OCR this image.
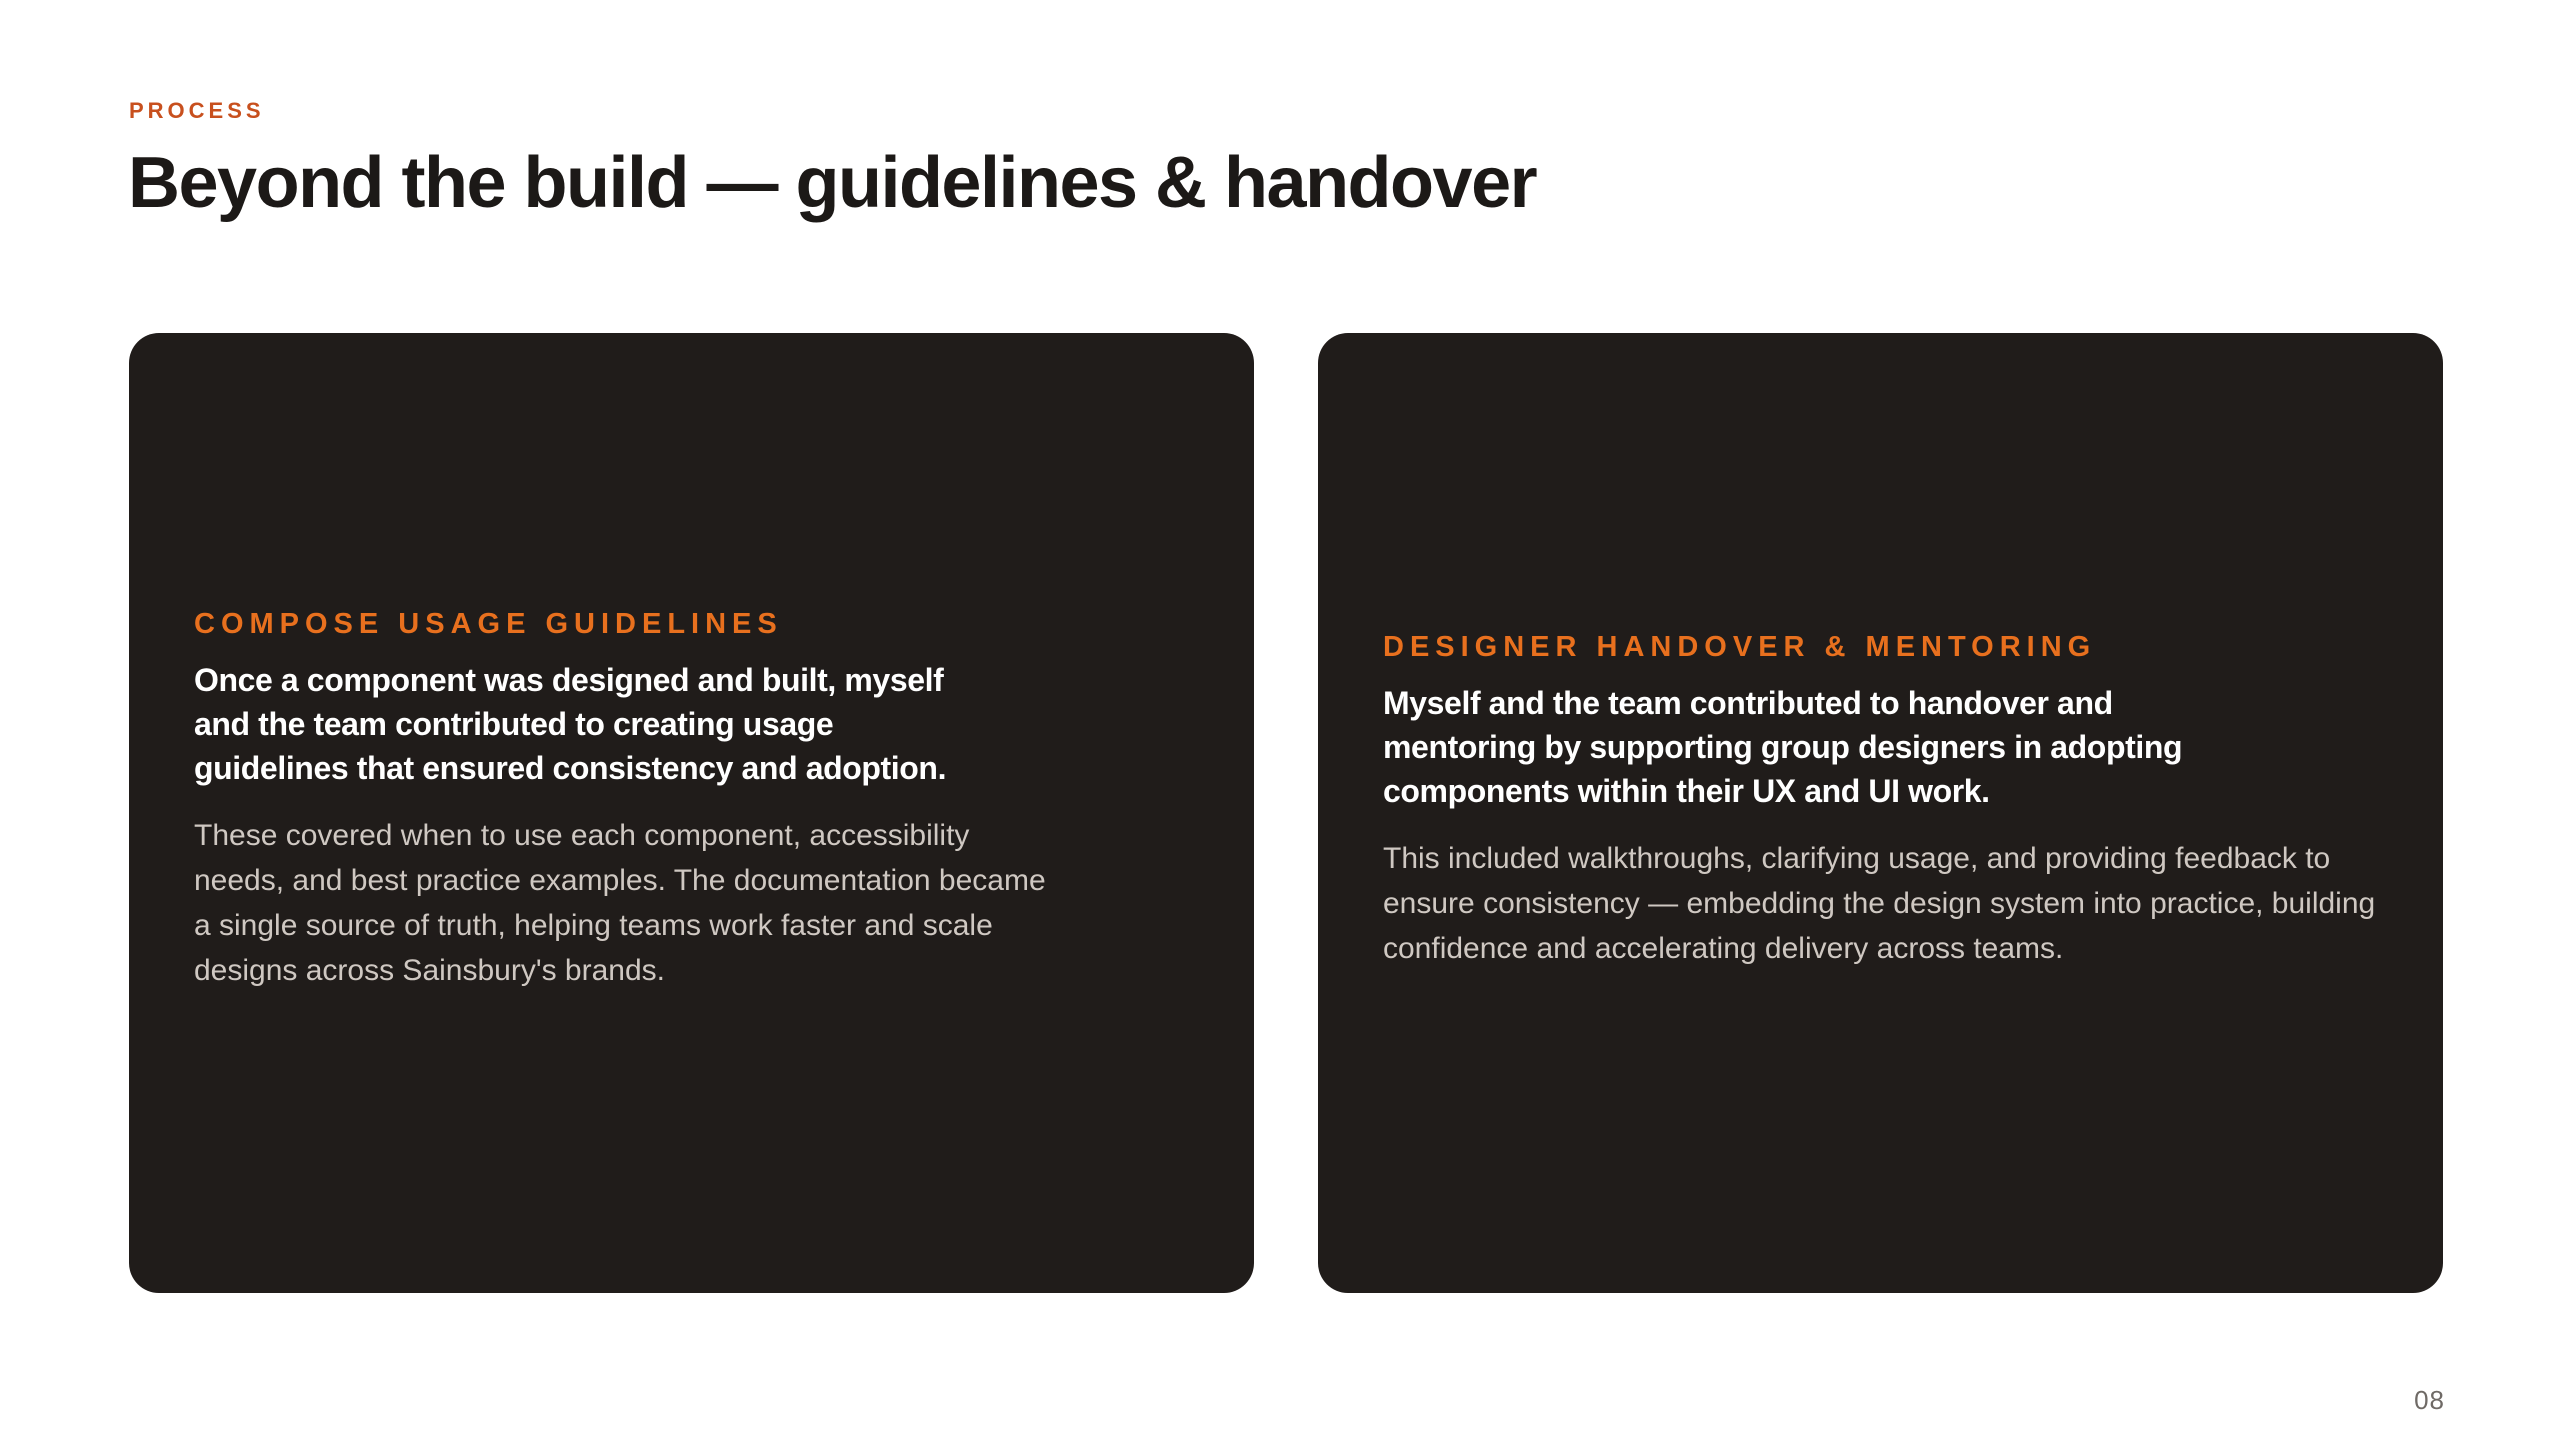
PROCESS
Beyond the build — guidelines & handover
COMPOSE USAGE GUIDELINES

Once a component was designed and built, myself and the team contributed to creating usage guidelines that ensured consistency and adoption.

These covered when to use each component, accessibility needs, and best practice examples. The documentation became a single source of truth, helping teams work faster and scale designs across Sainsbury's brands.

DESIGNER HANDOVER & MENTORING

Myself and the team contributed to handover and mentoring by supporting group designers in adopting components within their UX and UI work.

This included walkthroughs, clarifying usage, and providing feedback to ensure consistency — embedding the design system into practice, building confidence and accelerating delivery across teams.

08
